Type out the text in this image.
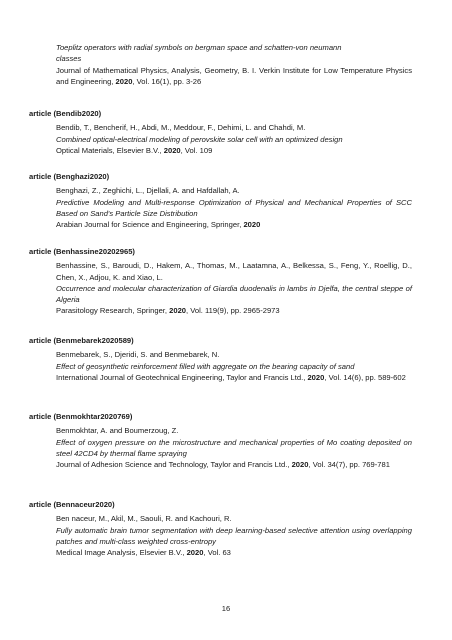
Toeplitz operators with radial symbols on bergman space and schatten-von neumann
classes
Journal of Mathematical Physics, Analysis, Geometry, B. I. Verkin Institute for Low Temperature Physics and Engineering, 2020, Vol. 16(1), pp. 3-26
article (Bendib2020)
Bendib, T., Bencherif, H., Abdi, M., Meddour, F., Dehimi, L. and Chahdi, M.
Combined optical-electrical modeling of perovskite solar cell with an optimized design
Optical Materials, Elsevier B.V., 2020, Vol. 109
article (Benghazi2020)
Benghazi, Z., Zeghichi, L., Djellali, A. and Hafdallah, A.
Predictive Modeling and Multi-response Optimization of Physical and Mechanical Properties of SCC Based on Sand's Particle Size Distribution
Arabian Journal for Science and Engineering, Springer, 2020
article (Benhassine20202965)
Benhassine, S., Baroudi, D., Hakem, A., Thomas, M., Laatamna, A., Belkessa, S., Feng, Y., Roellig, D., Chen, X., Adjou, K. and Xiao, L.
Occurrence and molecular characterization of Giardia duodenalis in lambs in Djelfa, the central steppe of Algeria
Parasitology Research, Springer, 2020, Vol. 119(9), pp. 2965-2973
article (Benmebarek2020589)
Benmebarek, S., Djeridi, S. and Benmebarek, N.
Effect of geosynthetic reinforcement filled with aggregate on the bearing capacity of sand
International Journal of Geotechnical Engineering, Taylor and Francis Ltd., 2020, Vol. 14(6), pp. 589-602
article (Benmokhtar2020769)
Benmokhtar, A. and Boumerzoug, Z.
Effect of oxygen pressure on the microstructure and mechanical properties of Mo coating deposited on steel 42CD4 by thermal flame spraying
Journal of Adhesion Science and Technology, Taylor and Francis Ltd., 2020, Vol. 34(7), pp. 769-781
article (Bennaceur2020)
Ben naceur, M., Akil, M., Saouli, R. and Kachouri, R.
Fully automatic brain tumor segmentation with deep learning-based selective attention using overlapping patches and multi-class weighted cross-entropy
Medical Image Analysis, Elsevier B.V., 2020, Vol. 63
16
